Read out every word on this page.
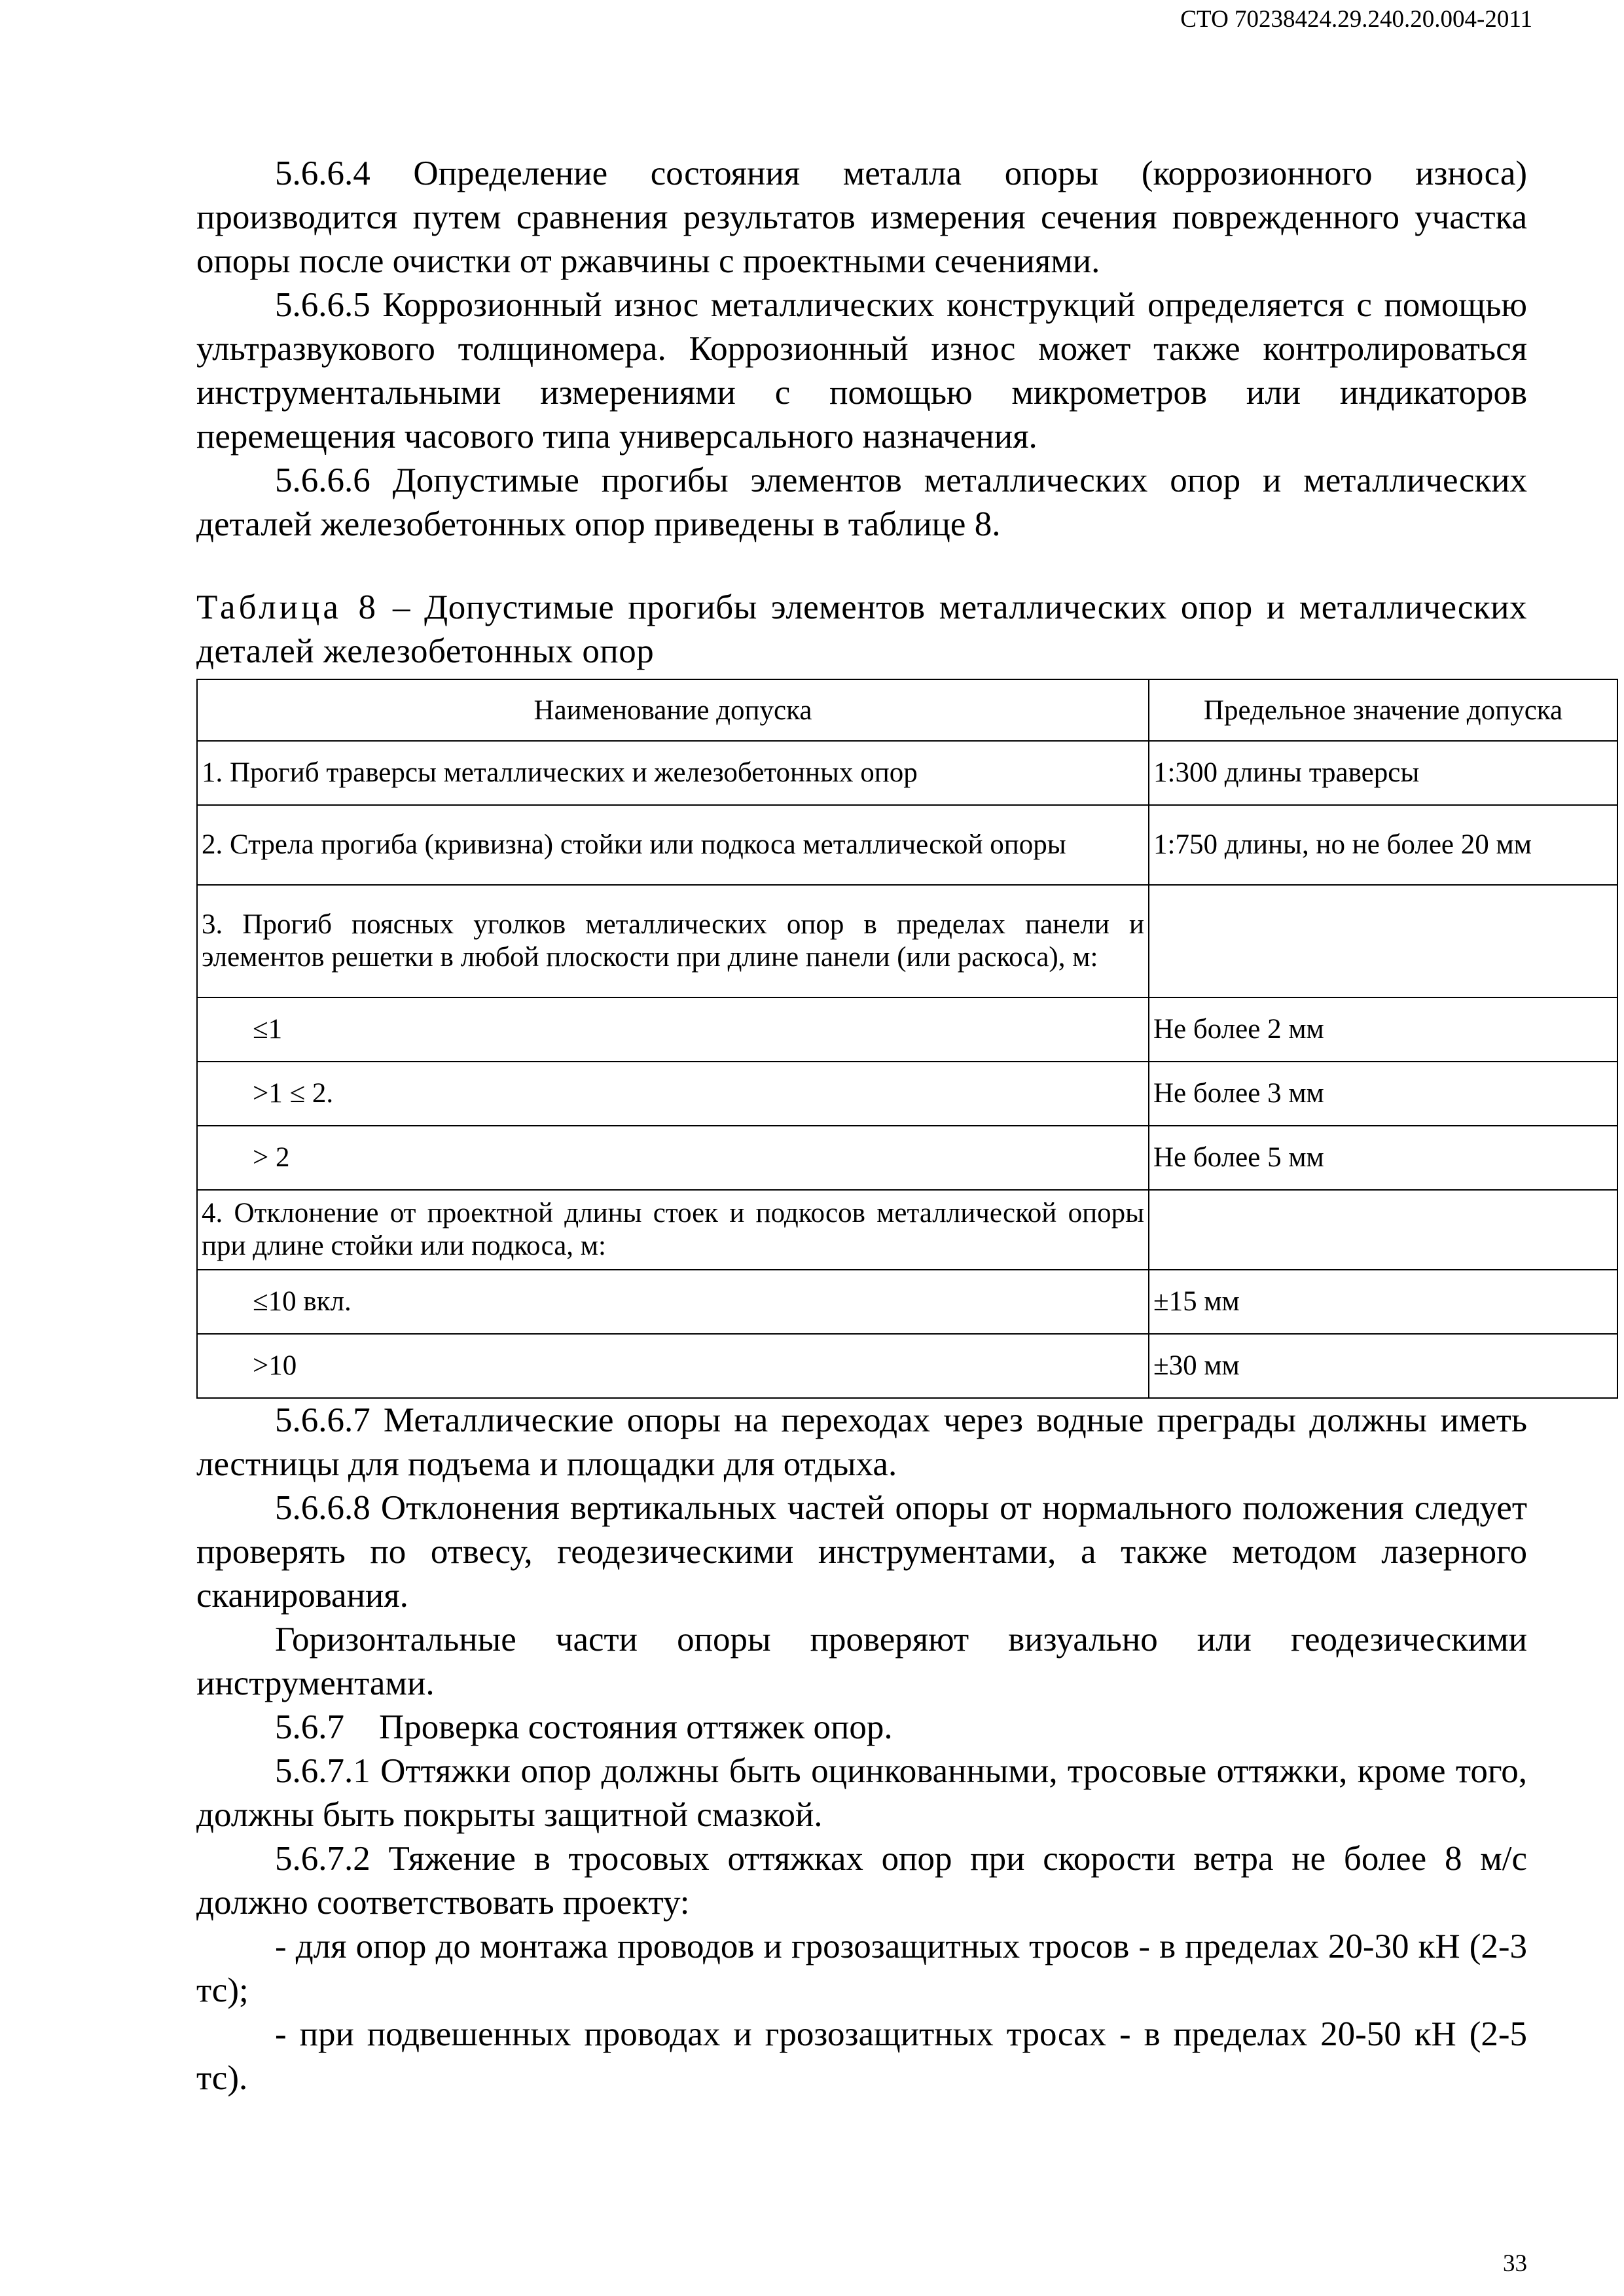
СТО 70238424.29.240.20.004-2011

5.6.6.4 Определение состояния металла опоры (коррозионного износа) производится путем сравнения результатов измерения сечения поврежденного участка опоры после очистки от ржавчины с проектными сечениями.

5.6.6.5 Коррозионный износ металлических конструкций определяется с помощью ультразвукового толщиномера. Коррозионный износ может также контролироваться инструментальными измерениями с помощью микрометров или индикаторов перемещения часового типа универсального назначения.

5.6.6.6 Допустимые прогибы элементов металлических опор и металлических деталей железобетонных опор приведены в таблице 8.

Таблица 8 – Допустимые прогибы элементов металлических опор и металлических деталей железобетонных опор

Наименование допуска	Предельное значение допуска
1. Прогиб траверсы металлических и железобетонных опор	1:300 длины траверсы
2. Стрела прогиба (кривизна) стойки или подкоса металлической опоры	1:750 длины, но не более 20 мм
3. Прогиб поясных уголков металлических опор в пределах панели и элементов решетки в любой плоскости при длине панели (или раскоса), м:	
≤1	Не более 2 мм
>1 ≤ 2.	Не более 3 мм
> 2	Не более 5 мм
4. Отклонение от проектной длины стоек и подкосов металлической опоры при длине стойки или подкоса, м:	
≤10 вкл.	±15 мм
>10	±30 мм

5.6.6.7 Металлические опоры на переходах через водные преграды должны иметь лестницы для подъема и площадки для отдыха.

5.6.6.8 Отклонения вертикальных частей опоры от нормального положения следует проверять по отвесу, геодезическими инструментами, а также методом лазерного сканирования.

Горизонтальные части опоры проверяют визуально или геодезическими инструментами.

5.6.7    Проверка состояния оттяжек опор.

5.6.7.1 Оттяжки опор должны быть оцинкованными, тросовые оттяжки, кроме того, должны быть покрыты защитной смазкой.

5.6.7.2 Тяжение в тросовых оттяжках опор при скорости ветра не более 8 м/с должно соответствовать проекту:

- для опор до монтажа проводов и грозозащитных тросов - в пределах 20-30 кН (2-3 тс);

- при подвешенных проводах и грозозащитных тросах - в пределах 20-50 кН (2-5 тс).

33
